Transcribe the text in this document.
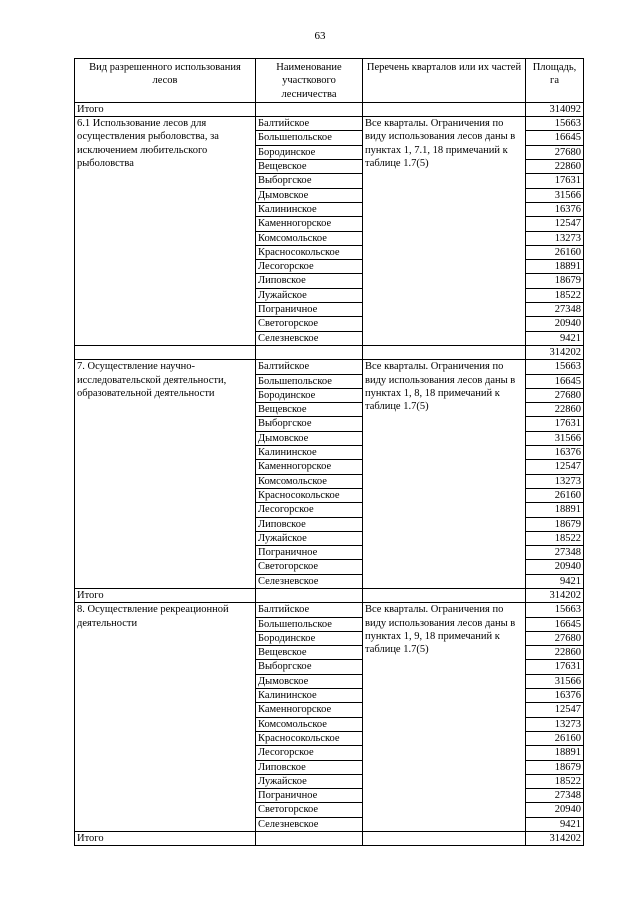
63
Вид разрешенного использования лесов	Наименование участкового лесничества	Перечень кварталов или их частей	Площадь, га
Итого			314092
6.1 Использование лесов для осуществления рыболовства, за исключением любительского рыболовства	Балтийское	Все кварталы. Ограничения по виду использования лесов даны в пунктах 1, 7.1, 18 примечаний к таблице 1.7(5)	15663
	Большепольское		16645
	Бородинское		27680
	Вещевское		22860
	Выборгское		17631
	Дымовское		31566
	Калининское		16376
	Каменногорское		12547
	Комсомольское		13273
	Красносокольское		26160
	Лесогорское		18891
	Липовское		18679
	Лужайское		18522
	Пограничное		27348
	Светогорское		20940
	Селезневское		9421
			314202
7. Осуществление научно-исследовательской деятельности, образовательной деятельности	Балтийское	Все кварталы. Ограничения по виду использования лесов даны в пунктах 1, 8, 18 примечаний к таблице 1.7(5)	15663
	Большепольское		16645
	Бородинское		27680
	Вещевское		22860
	Выборгское		17631
	Дымовское		31566
	Калининское		16376
	Каменногорское		12547
	Комсомольское		13273
	Красносокольское		26160
	Лесогорское		18891
	Липовское		18679
	Лужайское		18522
	Пограничное		27348
	Светогорское		20940
	Селезневское		9421
Итого			314202
8. Осуществление рекреационной деятельности	Балтийское	Все кварталы. Ограничения по виду использования лесов даны в пунктах 1, 9, 18 примечаний к таблице 1.7(5)	15663
	Большепольское		16645
	Бородинское		27680
	Вещевское		22860
	Выборгское		17631
	Дымовское		31566
	Калининское		16376
	Каменногорское		12547
	Комсомольское		13273
	Красносокольское		26160
	Лесогорское		18891
	Липовское		18679
	Лужайское		18522
	Пограничное		27348
	Светогорское		20940
	Селезневское		9421
Итого			314202
